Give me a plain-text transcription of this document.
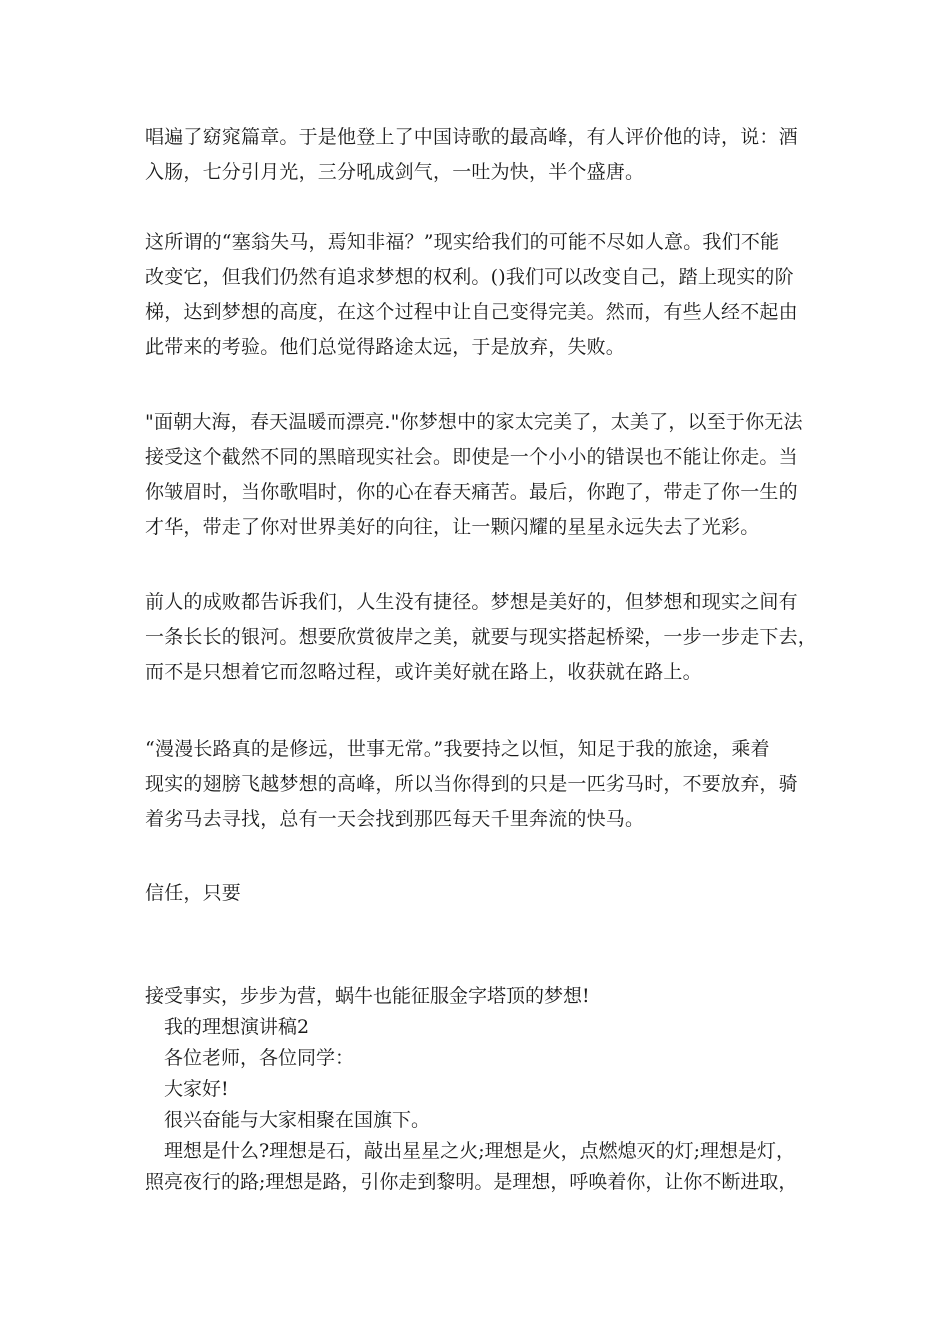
唱遍了窈窕篇章。于是他登上了中国诗歌的最高峰，有人评价他的诗，说：酒
入肠，七分引月光，三分吼成剑气，一吐为快，半个盛唐。

这所谓的“塞翁失马，焉知非福？”现实给我们的可能不尽如人意。我们不能
改变它，但我们仍然有追求梦想的权利。()我们可以改变自己，踏上现实的阶
梯，达到梦想的高度，在这个过程中让自己变得完美。然而，有些人经不起由
此带来的考验。他们总觉得路途太远，于是放弃，失败。

"面朝大海，春天温暖而漂亮."你梦想中的家太完美了，太美了，以至于你无法
接受这个截然不同的黑暗现实社会。即使是一个小小的错误也不能让你走。当
你皱眉时，当你歌唱时，你的心在春天痛苦。最后，你跑了，带走了你一生的
才华，带走了你对世界美好的向往，让一颗闪耀的星星永远失去了光彩。

前人的成败都告诉我们，人生没有捷径。梦想是美好的，但梦想和现实之间有
一条长长的银河。想要欣赏彼岸之美，就要与现实搭起桥梁，一步一步走下去，
而不是只想着它而忽略过程，或许美好就在路上，收获就在路上。

“漫漫长路真的是修远，世事无常。”我要持之以恒，知足于我的旅途，乘着
现实的翅膀飞越梦想的高峰，所以当你得到的只是一匹劣马时，不要放弃，骑
着劣马去寻找，总有一天会找到那匹每天千里奔流的快马。

信任，只要

接受事实，步步为营，蜗牛也能征服金字塔顶的梦想!
我的理想演讲稿2
各位老师，各位同学：
大家好!
很兴奋能与大家相聚在国旗下。
理想是什么?理想是石，敲出星星之火;理想是火，点燃熄灭的灯;理想是灯，
照亮夜行的路;理想是路，引你走到黎明。是理想，呼唤着你，让你不断进取，
